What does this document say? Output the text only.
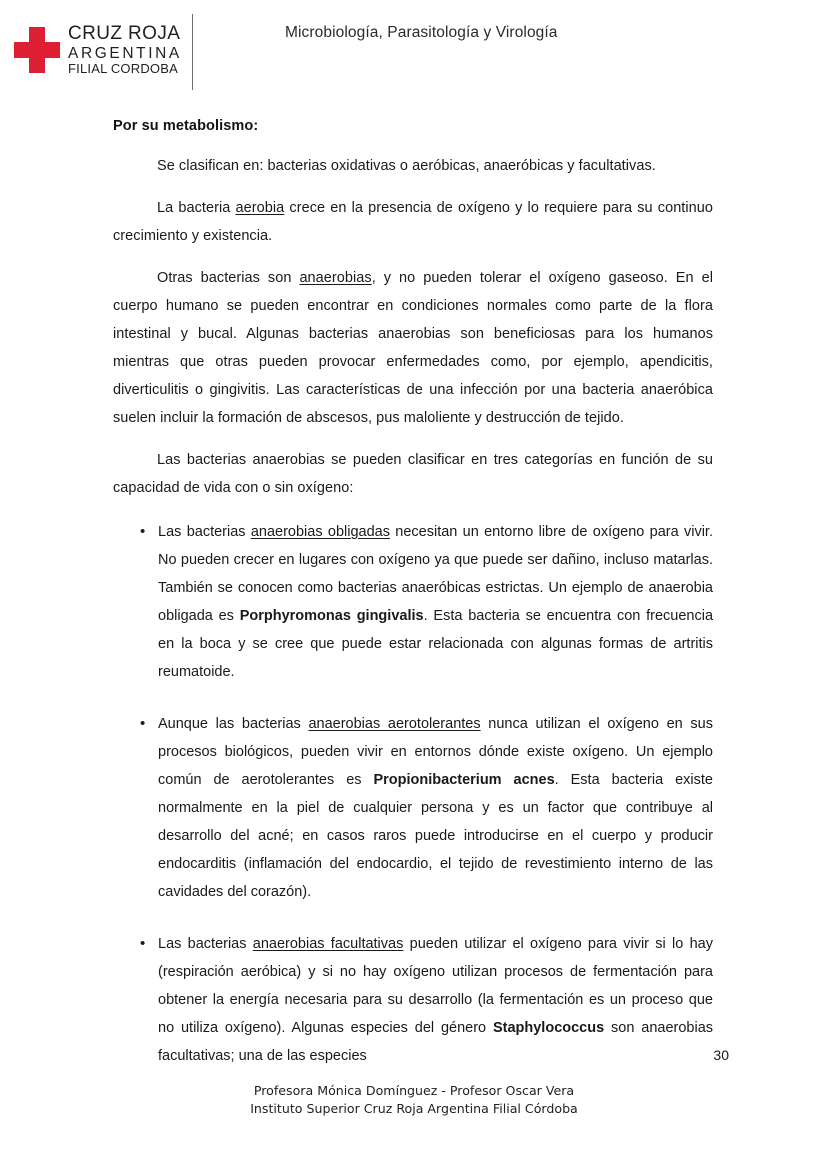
CRUZ ROJA
ARGENTINA
FILIAL CORDOBA
Microbiología, Parasitología y Virología
Por su metabolismo:

Se clasifican en: bacterias oxidativas o aeróbicas, anaeróbicas y facultativas.

La bacteria aerobia crece en la presencia de oxígeno y lo requiere para su continuo crecimiento y existencia.

Otras bacterias son anaerobias, y no pueden tolerar el oxígeno gaseoso. En el cuerpo humano se pueden encontrar en condiciones normales como parte de la flora intestinal y bucal. Algunas bacterias anaerobias son beneficiosas para los humanos mientras que otras pueden provocar enfermedades como, por ejemplo, apendicitis, diverticulitis o gingivitis. Las características de una infección por una bacteria anaeróbica suelen incluir la formación de abscesos, pus maloliente y destrucción de tejido.

Las bacterias anaerobias se pueden clasificar en tres categorías en función de su capacidad de vida con o sin oxígeno:

• Las bacterias anaerobias obligadas necesitan un entorno libre de oxígeno para vivir. No pueden crecer en lugares con oxígeno ya que puede ser dañino, incluso matarlas. También se conocen como bacterias anaeróbicas estrictas. Un ejemplo de anaerobia obligada es Porphyromonas gingivalis. Esta bacteria se encuentra con frecuencia en la boca y se cree que puede estar relacionada con algunas formas de artritis reumatoide.
• Aunque las bacterias anaerobias aerotolerantes nunca utilizan el oxígeno en sus procesos biológicos, pueden vivir en entornos dónde existe oxígeno. Un ejemplo común de aerotolerantes es Propionibacterium acnes. Esta bacteria existe normalmente en la piel de cualquier persona y es un factor que contribuye al desarrollo del acné; en casos raros puede introducirse en el cuerpo y producir endocarditis (inflamación del endocardio, el tejido de revestimiento interno de las cavidades del corazón).
• Las bacterias anaerobias facultativas pueden utilizar el oxígeno para vivir si lo hay (respiración aeróbica) y si no hay oxígeno utilizan procesos de fermentación para obtener la energía necesaria para su desarrollo (la fermentación es un proceso que no utiliza oxígeno). Algunas especies del género Staphylococcus son anaerobias facultativas; una de las especies	30
Profesora Mónica Domínguez - Profesor Oscar Vera
Instituto Superior Cruz Roja Argentina Filial Córdoba
